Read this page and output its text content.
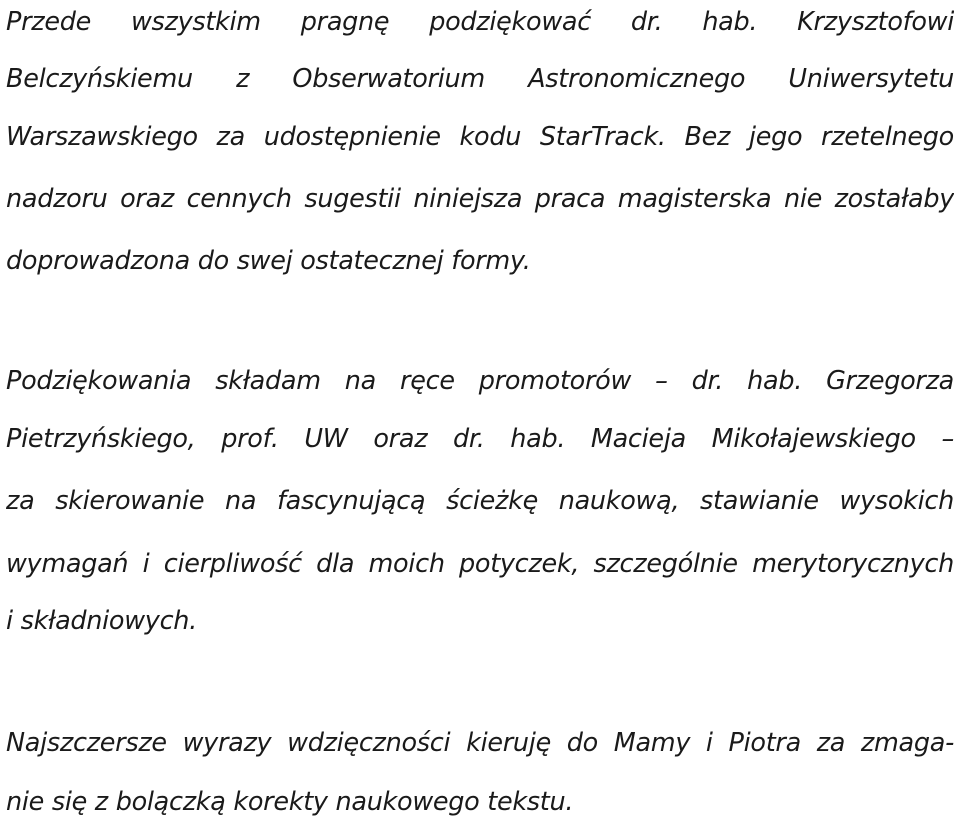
Przede wszystkim pragnę podziękować dr. hab. Krzysztofowi
Belczyńskiemu z Obserwatorium Astronomicznego Uniwersytetu
Warszawskiego za udostępnienie kodu StarTrack. Bez jego rzetelnego
nadzoru oraz cennych sugestii niniejsza praca magisterska nie zostałaby
doprowadzona do swej ostatecznej formy.
Podziękowania składam na ręce promotorów – dr. hab. Grzegorza
Pietrzyńskiego, prof. UW oraz dr. hab. Macieja Mikołajewskiego –
za skierowanie na fascynującą ścieżkę naukową, stawianie wysokich
wymagań i cierpliwość dla moich potyczek, szczególnie merytorycznych
i składniowych.
Najszczersze wyrazy wdzięczności kieruję do Mamy i Piotra za zmaga-
nie się z bolączką korekty naukowego tekstu.
